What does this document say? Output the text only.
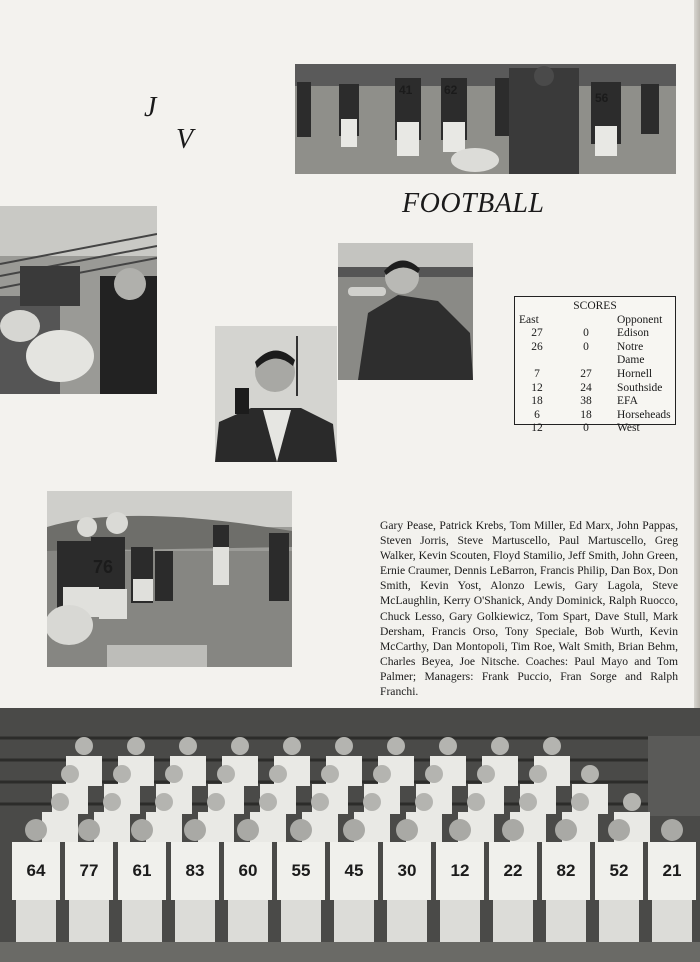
J
V
FOOTBALL
41	62
56
76
SCORES
East	Opponent
27	0	Edison
26	0	Notre Dame
7	27	Hornell
12	24	Southside
18	38	EFA
6	18	Horseheads
12	0	West
Gary Pease, Patrick Krebs, Tom Miller, Ed Marx, John Pappas, Steven Jorris, Steve Martuscello, Paul Martuscello, Greg Walker, Kevin Scouten, Floyd Stamilio, Jeff Smith, John Green, Ernie Craumer, Dennis LeBarron, Francis Philip, Dan Box, Don Smith, Kevin Yost, Alonzo Lewis, Gary Lagola, Steve McLaughlin, Kerry O'Shanick, Andy Dominick, Ralph Ruocco, Chuck Lesso, Gary Golkiewicz, Tom Spart, Dave Stull, Mark Dersham, Francis Orso, Tony Speciale, Bob Wurth, Kevin McCarthy, Dan Montopoli, Tim Roe, Walt Smith, Brian Behm, Charles Beyea, Joe Nitsche. Coaches: Paul Mayo and Tom Palmer; Managers: Frank Puccio, Fran Sorge and Ralph Franchi.
64 77 61 83 60 55 45 30 12 22 82 52 21
